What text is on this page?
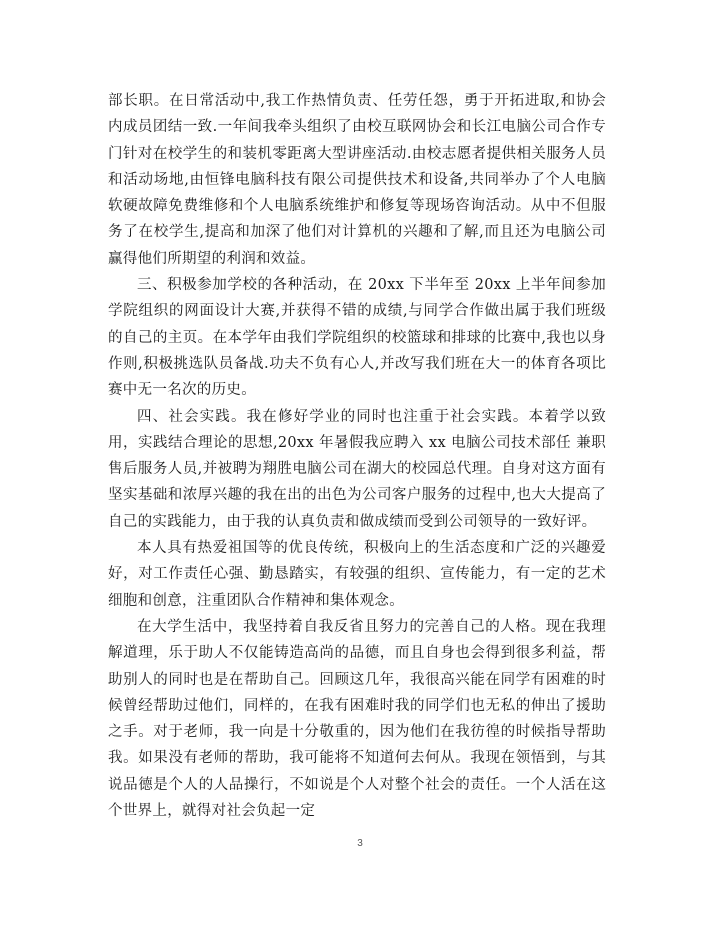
部长职。在日常活动中,我工作热情负责、任劳任怨，勇于开拓进取,和协会内成员团结一致.一年间我牵头组织了由校互联网协会和长江电脑公司合作专门针对在校学生的和装机零距离大型讲座活动.由校志愿者提供相关服务人员和活动场地,由恒锋电脑科技有限公司提供技术和设备,共同举办了个人电脑软硬故障免费维修和个人电脑系统维护和修复等现场咨询活动。从中不但服务了在校学生,提高和加深了他们对计算机的兴趣和了解,而且还为电脑公司赢得他们所期望的利润和效益。

三、积极参加学校的各种活动，在 20xx 下半年至 20xx 上半年间参加学院组织的网面设计大赛,并获得不错的成绩,与同学合作做出属于我们班级的自己的主页。在本学年由我们学院组织的校篮球和排球的比赛中,我也以身作则,积极挑选队员备战.功夫不负有心人,并改写我们班在大一的体育各项比赛中无一名次的历史。

四、社会实践。我在修好学业的同时也注重于社会实践。本着学以致用，实践结合理论的思想,20xx 年暑假我应聘入 xx 电脑公司技术部任 兼职 售后服务人员,并被聘为翔胜电脑公司在湖大的校园总代理。自身对这方面有坚实基础和浓厚兴趣的我在出的出色为公司客户服务的过程中,也大大提高了自己的实践能力，由于我的认真负责和做成绩而受到公司领导的一致好评。

本人具有热爱祖国等的优良传统，积极向上的生活态度和广泛的兴趣爱好，对工作责任心强、勤恳踏实，有较强的组织、宣传能力，有一定的艺术细胞和创意，注重团队合作精神和集体观念。

在大学生活中，我坚持着自我反省且努力的完善自己的人格。现在我理解道理，乐于助人不仅能铸造高尚的品德，而且自身也会得到很多利益，帮助别人的同时也是在帮助自己。回顾这几年，我很高兴能在同学有困难的时候曾经帮助过他们，同样的，在我有困难时我的同学们也无私的伸出了援助之手。对于老师，我一向是十分敬重的，因为他们在我彷徨的时候指导帮助我。如果没有老师的帮助，我可能将不知道何去何从。我现在领悟到，与其说品德是个人的人品操行，不如说是个人对整个社会的责任。一个人活在这个世界上，就得对社会负起一定

3
